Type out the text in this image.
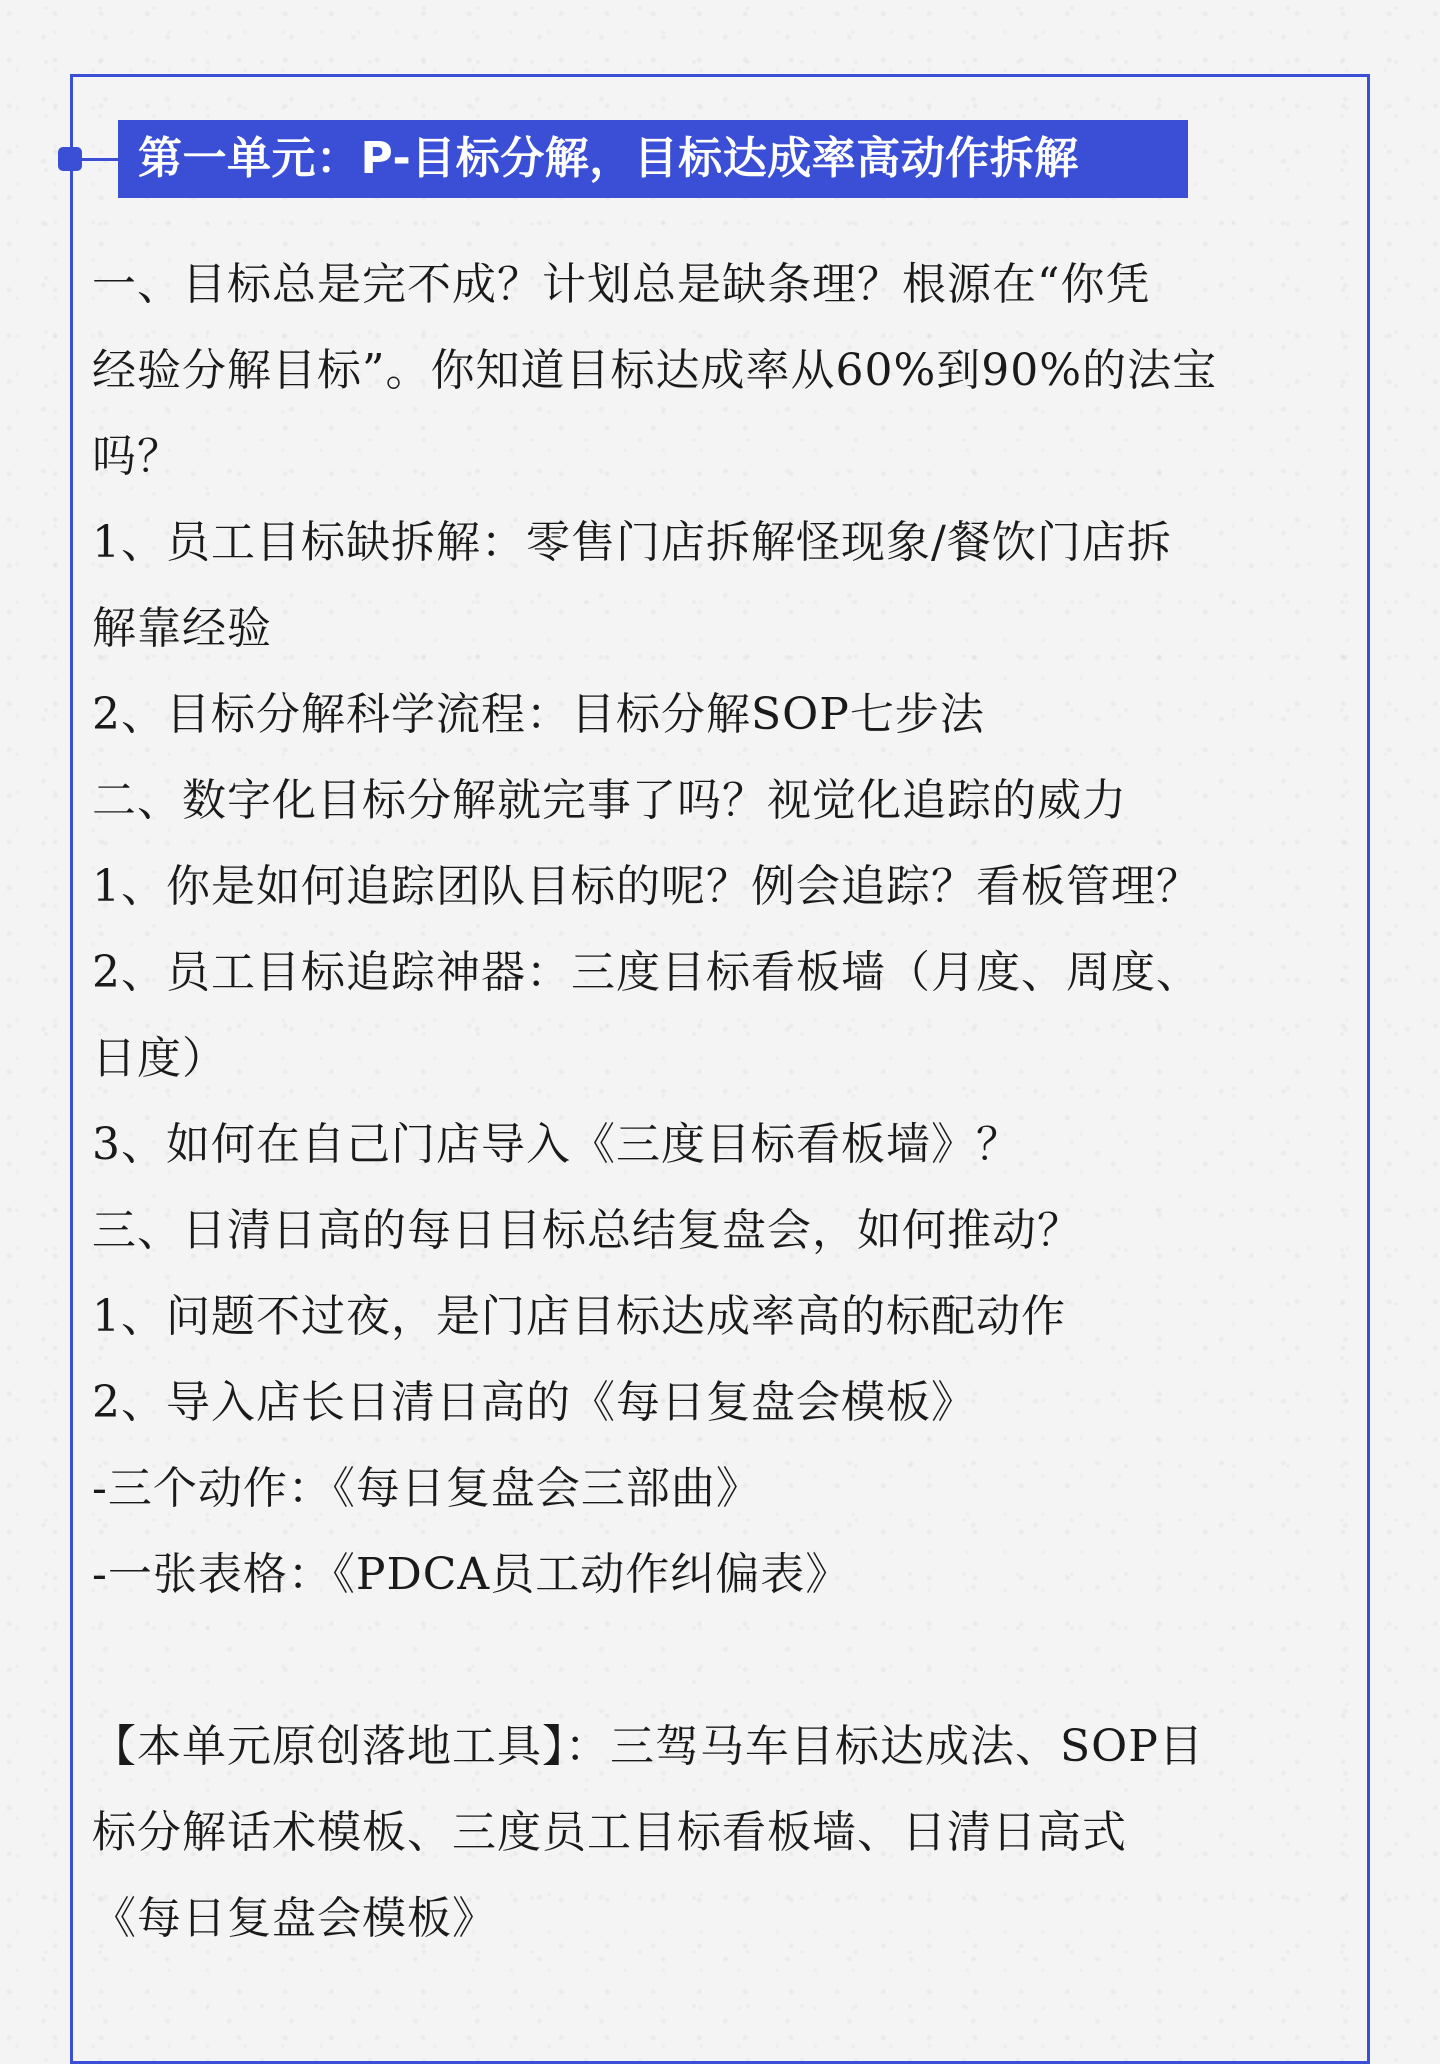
第一单元：P-目标分解，目标达成率高动作拆解
一、目标总是完不成？计划总是缺条理？根源在“你凭
经验分解目标”。你知道目标达成率从60%到90%的法宝
吗？
1、员工目标缺拆解：零售门店拆解怪现象/餐饮门店拆
解靠经验
2、目标分解科学流程：目标分解SOP七步法
二、数字化目标分解就完事了吗？视觉化追踪的威力
1、你是如何追踪团队目标的呢？例会追踪？看板管理？
2、员工目标追踪神器：三度目标看板墙（月度、周度、
日度）
3、如何在自己门店导入《三度目标看板墙》？
三、日清日高的每日目标总结复盘会，如何推动？
1、问题不过夜，是门店目标达成率高的标配动作
2、导入店长日清日高的《每日复盘会模板》
-三个动作：《每日复盘会三部曲》
-一张表格：《PDCA员工动作纠偏表》
【本单元原创落地工具】：三驾马车目标达成法、SOP目
标分解话术模板、三度员工目标看板墙、日清日高式
《每日复盘会模板》
